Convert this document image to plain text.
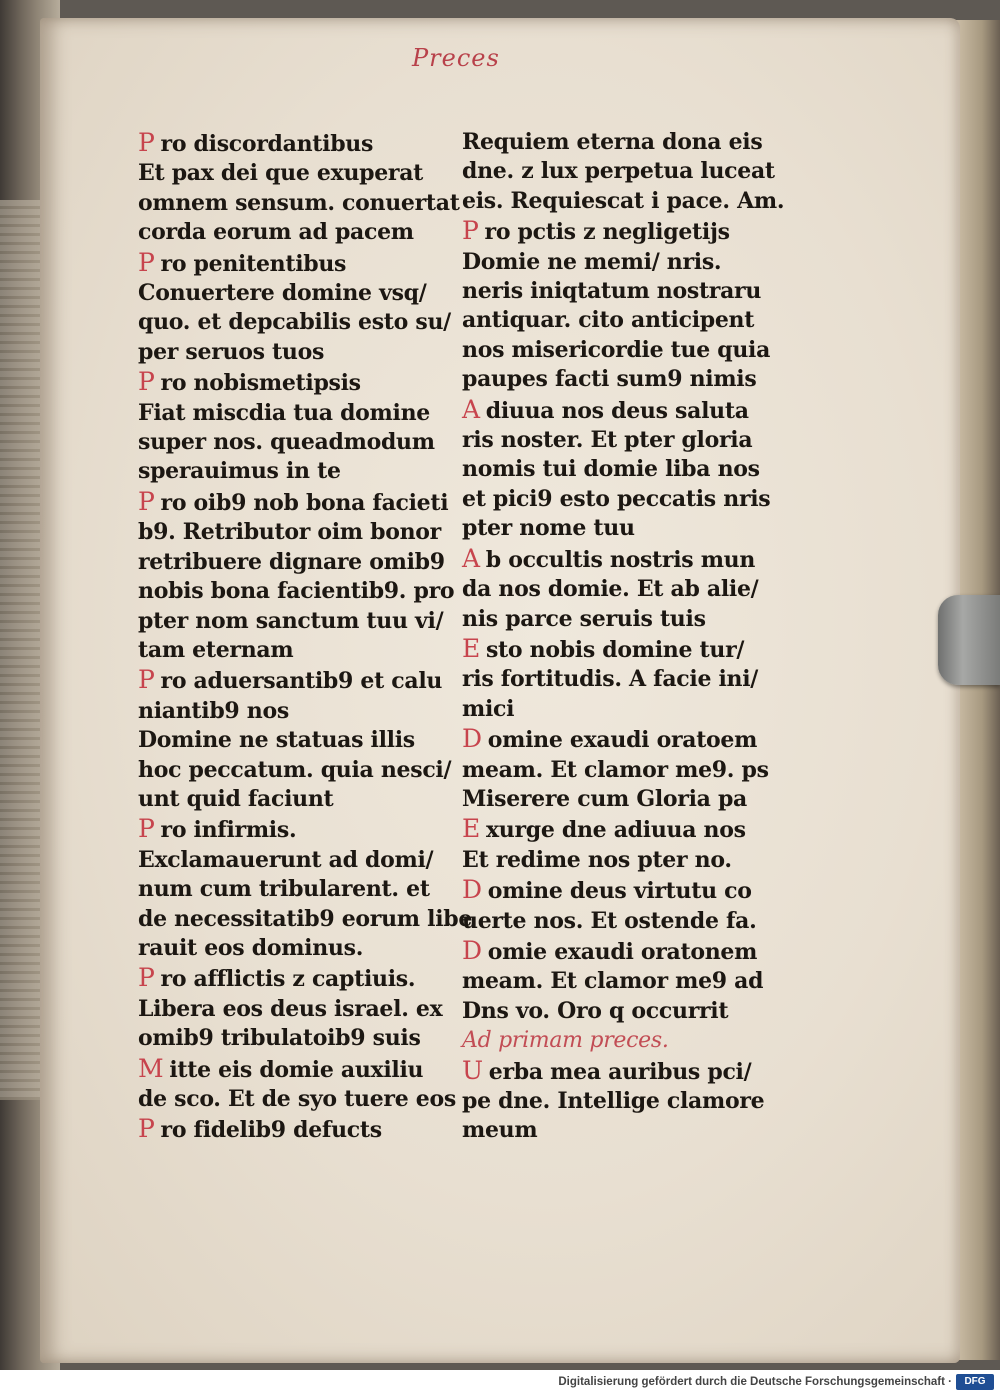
Preces
P ro discordantibus
Et pax dei que exuperat
omnem sensum. conuertat
corda eorum ad pacem
P ro penitentibus
Conuertere domine vsq/
quo. et depcabilis esto su/
per seruos tuos
P ro nobismetipsis
Fiat miscdia tua domine
super nos. queadmodum
sperauimus in te
P ro oib9 nob bona facieti
b9. Retributor oim bonor
retribuere dignare omib9
nobis bona facientib9. pro
pter nom sanctum tuu vi/
tam eternam
P ro aduersantib9 et calu
niantib9 nos
Domine ne statuas illis
hoc peccatum. quia nesci/
unt quid faciunt
P ro infirmis.
Exclamauerunt ad domi/
num cum tribularent. et
de necessitatib9 eorum libe
rauit eos dominus.
P ro afflictis z captiuis.
Libera eos deus israel. ex
omib9 tribulatoib9 suis
M itte eis domie auxiliu
de sco. Et de syo tuere eos
P ro fidelib9 defucts
Requiem eterna dona eis
dne. z lux perpetua luceat
eis. Requiescat i pace. Am.
P ro pctis z negligetijs
Domie ne memi/ nris.
neris iniqtatum nostraru
antiquar. cito anticipent
nos misericordie tue quia
paupes facti sum9 nimis
A diuua nos deus saluta
ris noster. Et pter gloria
nomis tui domie liba nos
et pici9 esto peccatis nris
pter nome tuu
A b occultis nostris mun
da nos domie. Et ab alie/
nis parce seruis tuis
E sto nobis domine tur/
ris fortitudis. A facie ini/
mici
D omine exaudi oratoem
meam. Et clamor me9. ps
Miserere cum Gloria pa
E xurge dne adiuua nos
Et redime nos pter no.
D omine deus virtutu co
uerte nos. Et ostende fa.
D omie exaudi oratonem
meam. Et clamor me9 ad
Dns vo. Oro q occurrit
Ad primam preces.
U erba mea auribus pci/
pe dne. Intellige clamore
meum
Digitalisierung gefördert durch die Deutsche Forschungsgemeinschaft ·	DFG
